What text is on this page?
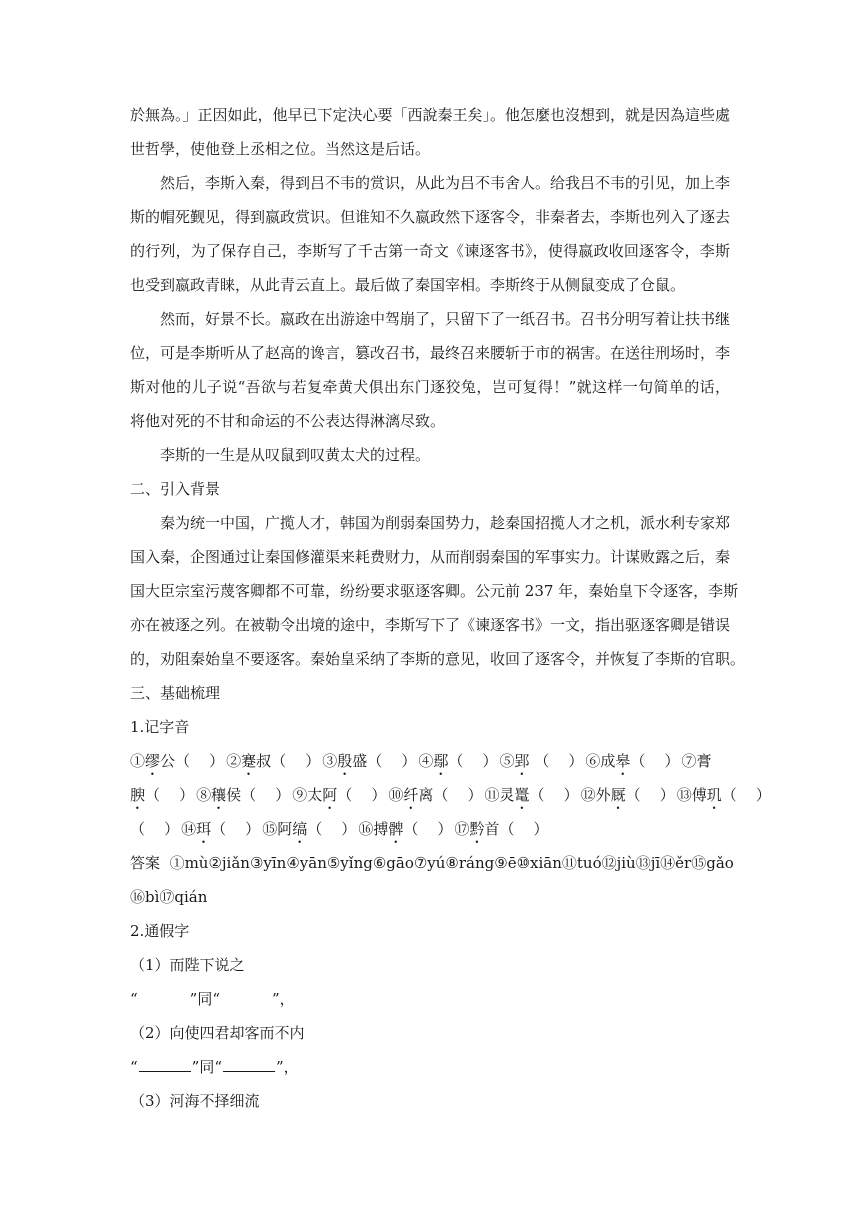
於無為。」正因如此，他早已下定決心要「西說秦王矣」。他怎麼也沒想到，就是因為這些處
世哲學，使他登上丞相之位。当然这是后话。
然后，李斯入秦，得到吕不韦的赏识，从此为吕不韦舍人。给我吕不韦的引见，加上李
斯的帽死觐见，得到嬴政赏识。但谁知不久嬴政然下逐客令，非秦者去，李斯也列入了逐去
的行列，为了保存自己，李斯写了千古第一奇文《谏逐客书》，使得嬴政收回逐客令，李斯
也受到嬴政青睐，从此青云直上。最后做了秦国宰相。李斯终于从侧鼠变成了仓鼠。
然而，好景不长。嬴政在出游途中驾崩了，只留下了一纸召书。召书分明写着让扶书继
位，可是李斯听从了赵高的谗言，篡改召书，最终召来腰斩于市的祸害。在送往刑场时，李
斯对他的儿子说“吾欲与若复牵黄犬俱出东门逐狡兔，岂可复得！”就这样一句简单的话，
将他对死的不甘和命运的不公表达得淋漓尽致。
李斯的一生是从叹鼠到叹黄太犬的过程。
二、引入背景
秦为统一中国，广揽人才，韩国为削弱秦国势力，趁秦国招揽人才之机，派水利专家郑
国入秦，企图通过让秦国修灌渠来耗费财力，从而削弱秦国的军事实力。计谋败露之后，秦
国大臣宗室污蔑客卿都不可靠，纷纷要求驱逐客卿。公元前 237 年，秦始皇下令逐客，李斯
亦在被逐之列。在被勒令出境的途中，李斯写下了《谏逐客书》一文，指出驱逐客卿是错误
的，劝阻秦始皇不要逐客。秦始皇采纳了李斯的意见，收回了逐客令，并恢复了李斯的官职。
三、基础梳理
1.记字音
①缪公（    ） ②蹇叔（    ） ③殷盛（    ） ④鄢（    ） ⑤郢 （    ） ⑥成皋（    ） ⑦膏
腴（    ） ⑧穰侯（    ） ⑨太阿（    ） ⑩纤离（    ） ⑪灵鼍（    ） ⑫外厩（    ） ⑬傅玑（    ）
（    ） ⑭珥（    ） ⑮阿缟（    ） ⑯搏髀（    ） ⑰黔首（    ）
答案 ①mù②jiǎn③yīn④yān⑤yǐng⑥gāo⑦yú⑧ráng⑨ē⑩xiān⑪tuó⑫jiù⑬jī⑭ěr⑮gǎo
⑯bì⑰qián
2.通假字
（1）而陛下说之
“	”同“	”，
（2）向使四君却客而不内
“	”同“	”，
（3）河海不择细流
